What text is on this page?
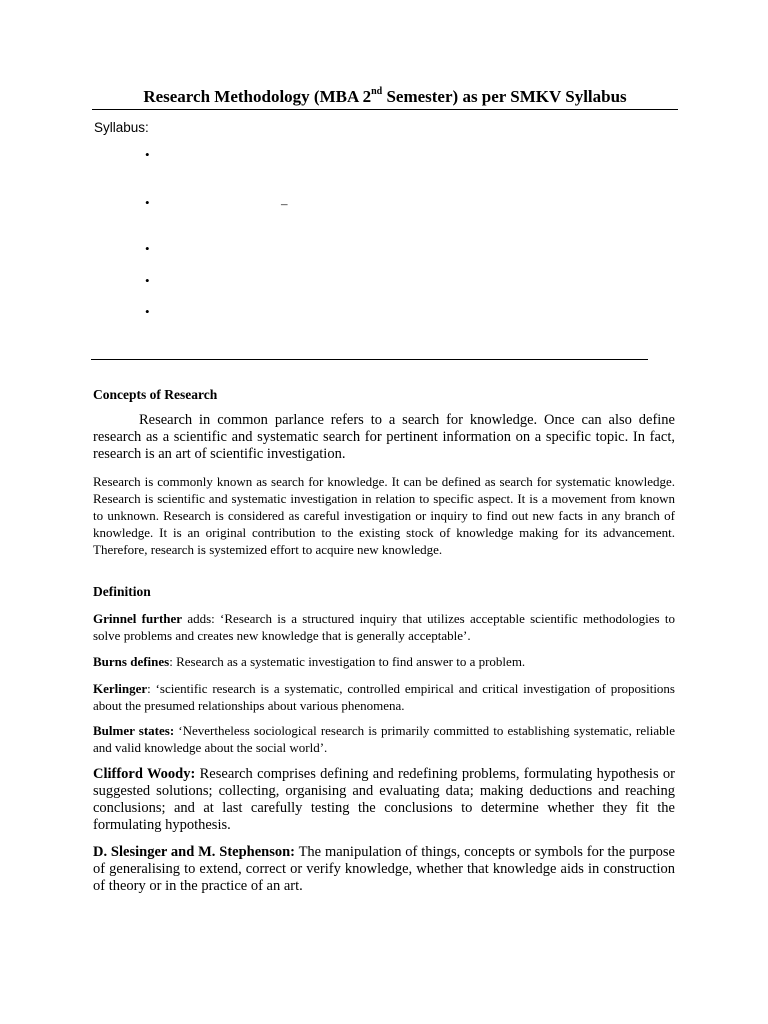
Research Methodology (MBA 2nd Semester) as per SMKV Syllabus
Syllabus:
•
•	–
•
•
•
Concepts of Research

Research in common parlance refers to a search for knowledge. Once can also define research as a scientific and systematic search for pertinent information on a specific topic. In fact, research is an art of scientific investigation.

Research is commonly known as search for knowledge. It can be defined as search for systematic knowledge. Research is scientific and systematic investigation in relation to specific aspect. It is a movement from known to unknown. Research is considered as careful investigation or inquiry to find out new facts in any branch of knowledge. It is an original contribution to the existing stock of knowledge making for its advancement. Therefore, research is systemized effort to acquire new knowledge.

Definition

Grinnel further adds: ‘Research is a structured inquiry that utilizes acceptable scientific methodologies to solve problems and creates new knowledge that is generally acceptable’.

Burns defines: Research as a systematic investigation to find answer to a problem.

Kerlinger: ‘scientific research is a systematic, controlled empirical and critical investigation of propositions about the presumed relationships about various phenomena.

Bulmer states: ‘Nevertheless sociological research is primarily committed to establishing systematic, reliable and valid knowledge about the social world’.

Clifford Woody: Research comprises defining and redefining problems, formulating hypothesis or suggested solutions; collecting, organising and evaluating data; making deductions and reaching conclusions; and at last carefully testing the conclusions to determine whether they fit the formulating hypothesis.

D. Slesinger and M. Stephenson: The manipulation of things, concepts or symbols for the purpose of generalising to extend, correct or verify knowledge, whether that knowledge aids in construction of theory or in the practice of an art.
